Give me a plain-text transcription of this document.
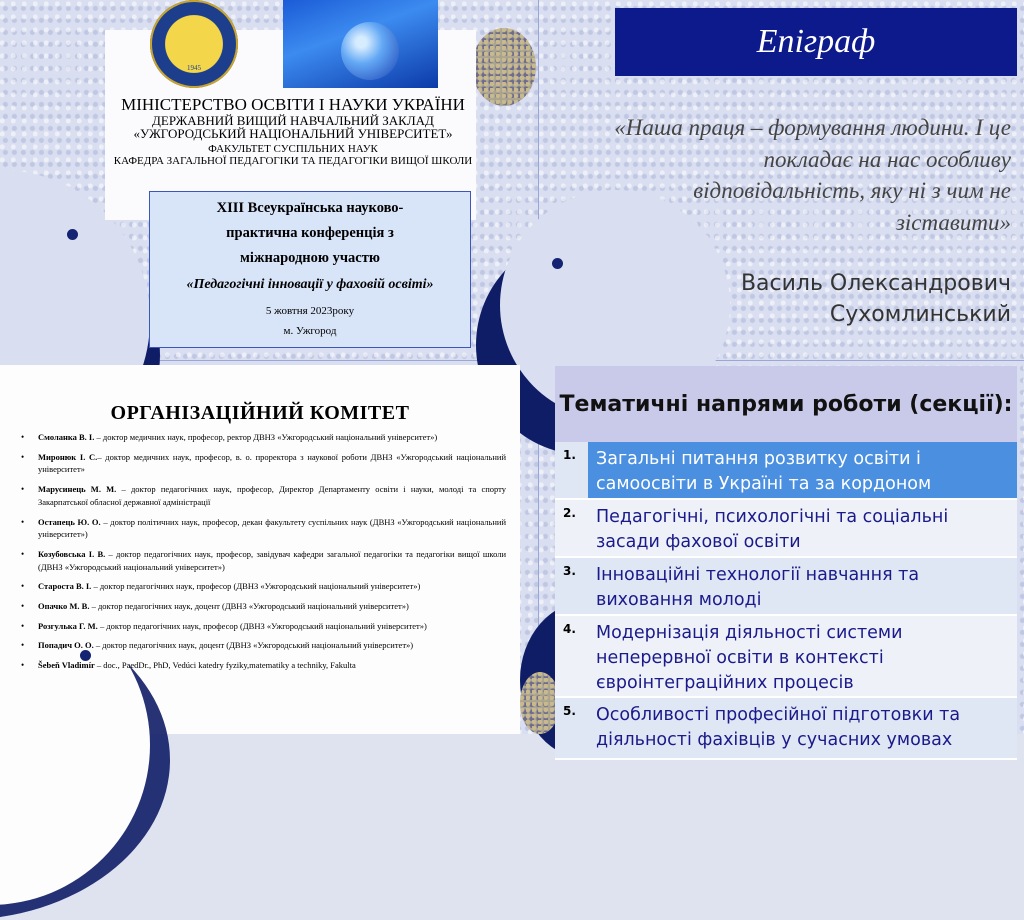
1945
МІНІСТЕРСТВО ОСВІТИ І НАУКИ УКРАЇНИ
ДЕРЖАВНИЙ ВИЩИЙ НАВЧАЛЬНИЙ ЗАКЛАД
«УЖГОРОДСЬКИЙ НАЦІОНАЛЬНИЙ УНІВЕРСИТЕТ»
ФАКУЛЬТЕТ СУСПІЛЬНИХ НАУК
КАФЕДРА ЗАГАЛЬНОЇ ПЕДАГОГІКИ ТА ПЕДАГОГІКИ ВИЩОЇ ШКОЛИ
ХІІІ Всеукраїнська науково-практична конференція з міжнародною участю
«Педагогічні інновації у фаховій освіті»
5 жовтня 2023року
м. Ужгород
Епіграф
«Наша праця – формування людини. І це покладає на нас особливу відповідальність, яку ні з чим не зіставити»
Василь Олександрович
Сухомлинський
ОРГАНІЗАЦІЙНИЙ КОМІТЕТ
• Смоланка В. І. – доктор медичних наук, професор, ректор ДВНЗ «Ужгородський національний університет»)
• Миронюк І. С.– доктор медичних наук, професор, в. о. проректора з наукової роботи ДВНЗ «Ужгородський національний університет»
• Марусинець М. М. – доктор педагогічних наук, професор, Директор Департаменту освіти і науки, молоді та спорту Закарпатської обласної державної адміністрації
• Остапець Ю. О. – доктор політичних наук, професор, декан факультету суспільних наук (ДВНЗ «Ужгородський національний університет»)
• Козубовська І. В. – доктор педагогічних наук, професор, завідувач кафедри загальної педагогіки та педагогіки вищої школи (ДВНЗ «Ужгородський національний університет»)
• Староста В. І. – доктор педагогічних наук, професор (ДВНЗ «Ужгородський національний університет»)
• Опачко М. В. – доктор педагогічних наук, доцент (ДВНЗ «Ужгородський національний університет»)
• Розгулька Г. М. – доктор педагогічних наук, професор (ДВНЗ «Ужгородський національний університет»)
• Попадич О. О. – доктор педагогічних наук, доцент (ДВНЗ «Ужгородський національний університет»)
• Šebeň Vladimír – doc., PaedDr., PhD, Vedúci katedry fyziky,matematiky a techniky, Fakulta
Тематичні напрями роботи (секції):
1.	Загальні питання розвитку освіти і самоосвіти в Україні та за кордоном
2.	Педагогічні, психологічні та соціальні засади фахової освіти
3.	Інноваційні технології навчання та виховання молоді
4.	Модернізація діяльності системи неперервної освіти в контексті євроінтеграційних процесів
5.	Особливості професійної підготовки та діяльності фахівців у сучасних умовах
